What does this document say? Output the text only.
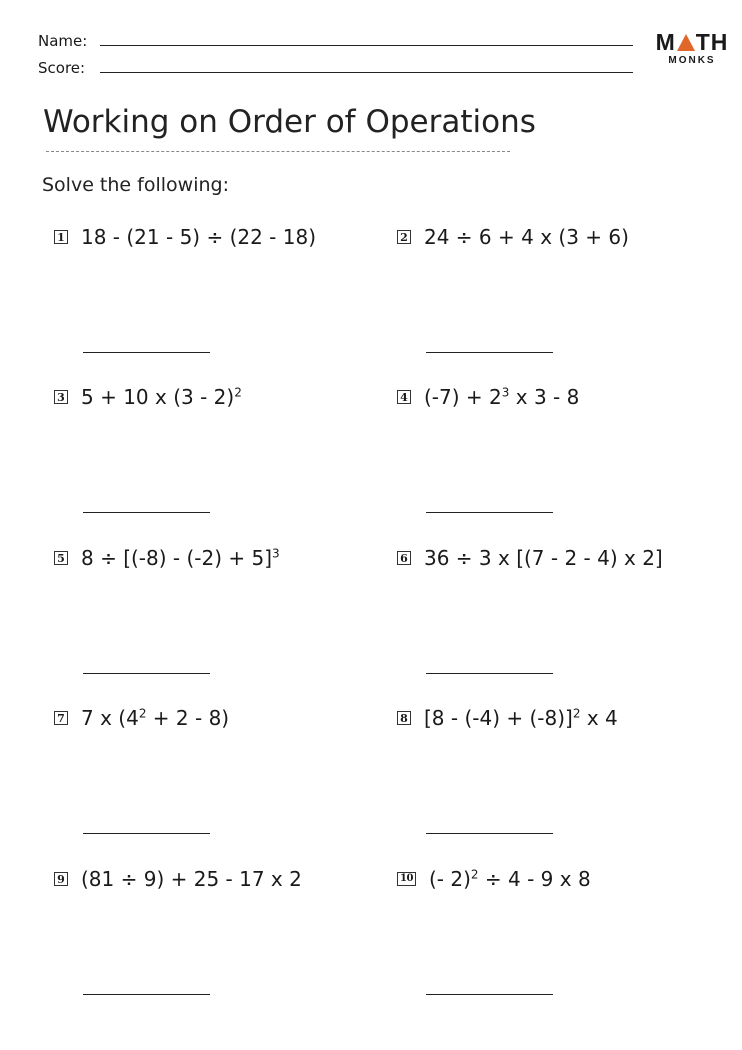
Name:
Score:
M TH
MONKS
Working on Order of Operations
Solve the following:
1 18 - (21 - 5) ÷ (22 - 18)	2 24 ÷ 6 + 4 x (3 + 6)
3 5 + 10 x (3 - 2)$^2$	4 $(-7) + 2^3$ x 3 - 8
5 $8 \div [(-8) - (-2) + 5]^3$	6 36 ÷ 3 x [(7 - 2 - 4) x 2]
7 7 x $(4^2 + 2 - 8)$	8 $[8 - (-4) + (-8)]^2$ x 4
9 (81 ÷ 9) + 25 - 17 x 2	10 (- 2)$^2$ ÷ 4 - 9 x 8
